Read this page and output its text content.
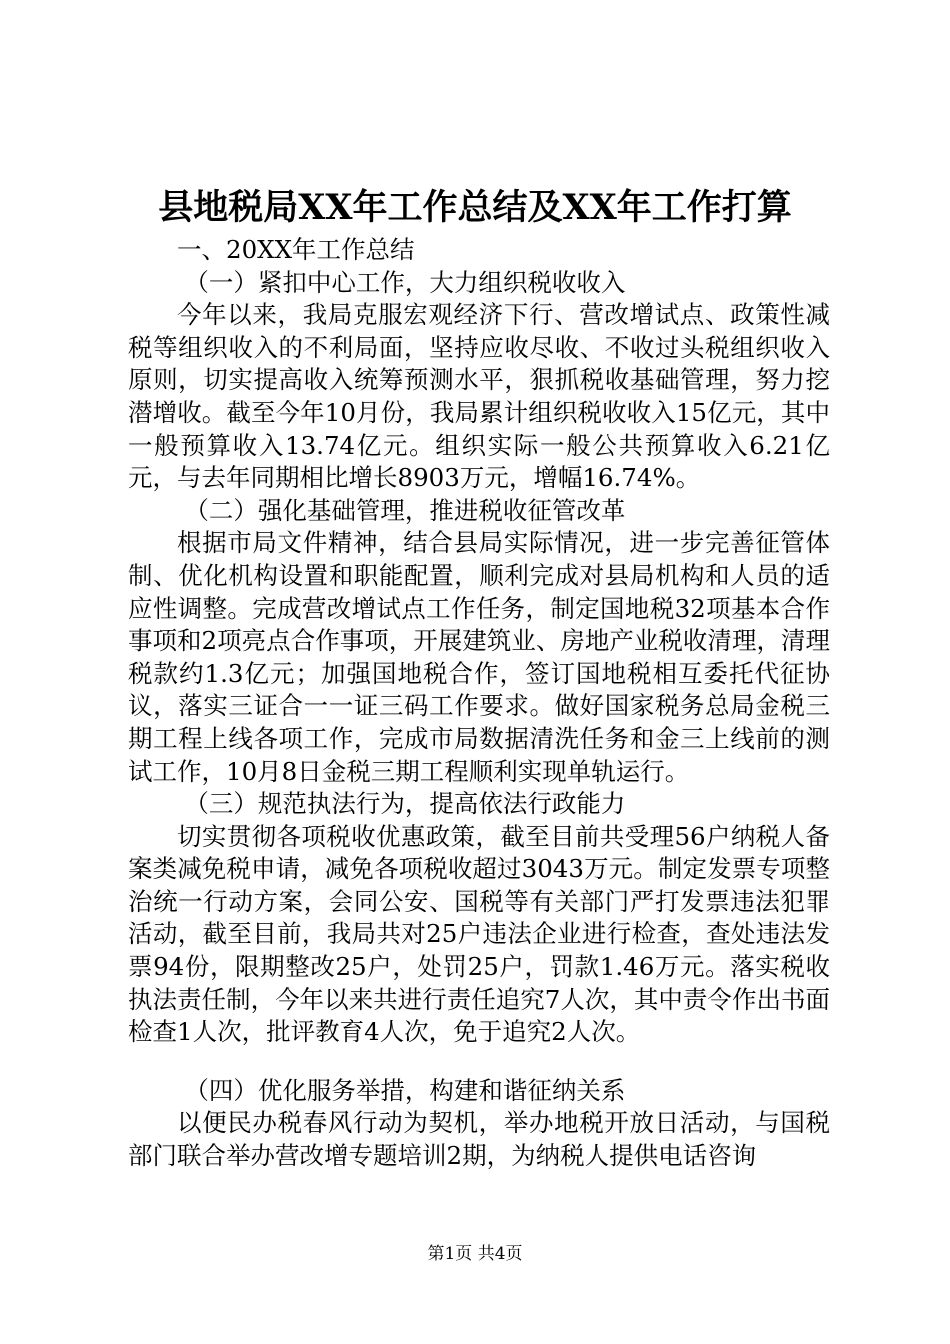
县地税局XX年工作总结及XX年工作打算

一、20XX年工作总结

（一）紧扣中心工作，大力组织税收收入

今年以来，我局克服宏观经济下行、营改增试点、政策性减税等组织收入的不利局面，坚持应收尽收、不收过头税组织收入原则，切实提高收入统筹预测水平，狠抓税收基础管理，努力挖潜增收。截至今年10月份，我局累计组织税收收入15亿元，其中一般预算收入13.74亿元。组织实际一般公共预算收入6.21亿元，与去年同期相比增长8903万元，增幅16.74%。

（二）强化基础管理，推进税收征管改革

根据市局文件精神，结合县局实际情况，进一步完善征管体制、优化机构设置和职能配置，顺利完成对县局机构和人员的适应性调整。完成营改增试点工作任务，制定国地税32项基本合作事项和2项亮点合作事项，开展建筑业、房地产业税收清理，清理税款约1.3亿元；加强国地税合作，签订国地税相互委托代征协议，落实三证合一一证三码工作要求。做好国家税务总局金税三期工程上线各项工作，完成市局数据清洗任务和金三上线前的测试工作，10月8日金税三期工程顺利实现单轨运行。

（三）规范执法行为，提高依法行政能力

切实贯彻各项税收优惠政策，截至目前共受理56户纳税人备案类减免税申请，减免各项税收超过3043万元。制定发票专项整治统一行动方案，会同公安、国税等有关部门严打发票违法犯罪活动，截至目前，我局共对25户违法企业进行检查，查处违法发票94份，限期整改25户，处罚25户，罚款1.46万元。落实税收执法责任制，今年以来共进行责任追究7人次，其中责令作出书面检查1人次，批评教育4人次，免于追究2人次。

（四）优化服务举措，构建和谐征纳关系

以便民办税春风行动为契机，举办地税开放日活动，与国税部门联合举办营改增专题培训2期，为纳税人提供电话咨询

第1页 共4页
